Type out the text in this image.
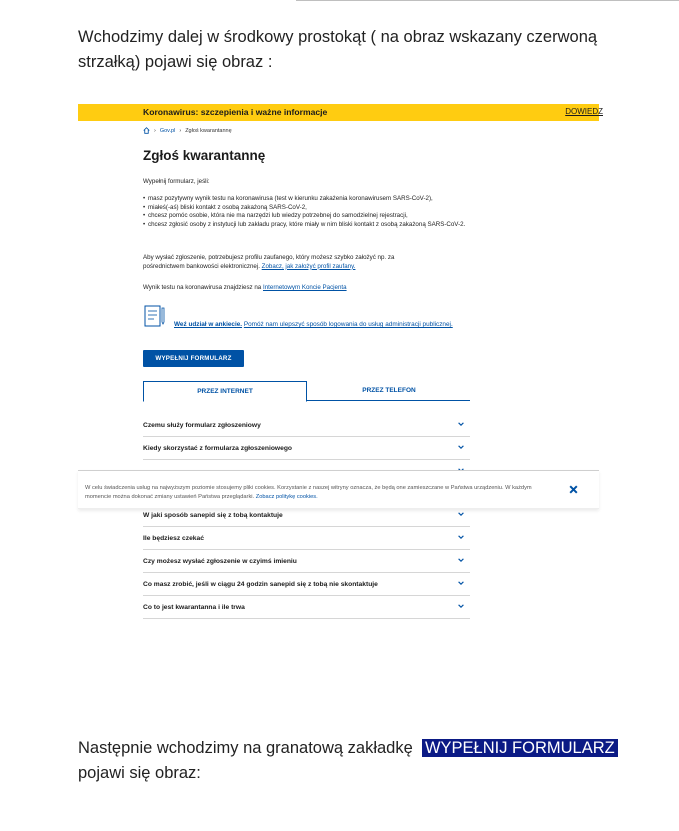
Wchodzimy dalej w środkowy prostokąt ( na obraz wskazany czerwoną strzałką) pojawi się obraz :

Koronawirus: szczepienia i ważne informacje	DOWIEDZ
› Gov.pl › Zgłoś kwarantannę
Zgłoś kwarantannę
Wypełnij formularz, jeśli:
• masz pozytywny wynik testu na koronawirusa (test w kierunku zakażenia koronawirusem SARS-CoV-2),
• miałeś(-aś) bliski kontakt z osobą zakażoną SARS-CoV-2,
• chcesz pomóc osobie, która nie ma narzędzi lub wiedzy potrzebnej do samodzielnej rejestracji,
• chcesz zgłosić osoby z instytucji lub zakładu pracy, które miały w nim bliski kontakt z osobą zakażoną SARS-CoV-2.
Aby wysłać zgłoszenie, potrzebujesz profilu zaufanego, który możesz szybko założyć np. za pośrednictwem bankowości elektronicznej. Zobacz, jak założyć profil zaufany.
Wynik testu na koronawirusa znajdziesz na Internetowym Koncie Pacjenta
Weź udział w ankiecie. Pomóż nam ulepszyć sposób logowania do usług administracji publicznej.
WYPEŁNIJ FORMULARZ
PRZEZ INTERNET	PRZEZ TELEFON
Czemu służy formularz zgłoszeniowy
Kiedy skorzystać z formularza zgłoszeniowego
W celu świadczenia usług na najwyższym poziomie stosujemy pliki cookies. Korzystanie z naszej witryny oznacza, że będą one zamieszczane w Państwa urządzeniu. W każdym momencie można dokonać zmiany ustawień Państwa przeglądarki. Zobacz politykę cookies.
W jaki sposób sanepid się z tobą kontaktuje
Ile będziesz czekać
Czy możesz wysłać zgłoszenie w czyimś imieniu
Co masz zrobić, jeśli w ciągu 24 godzin sanepid się z tobą nie skontaktuje
Co to jest kwarantanna i ile trwa

Następnie wchodzimy na granatową zakładkę WYPEŁNIJ FORMULARZ
pojawi się obraz:
